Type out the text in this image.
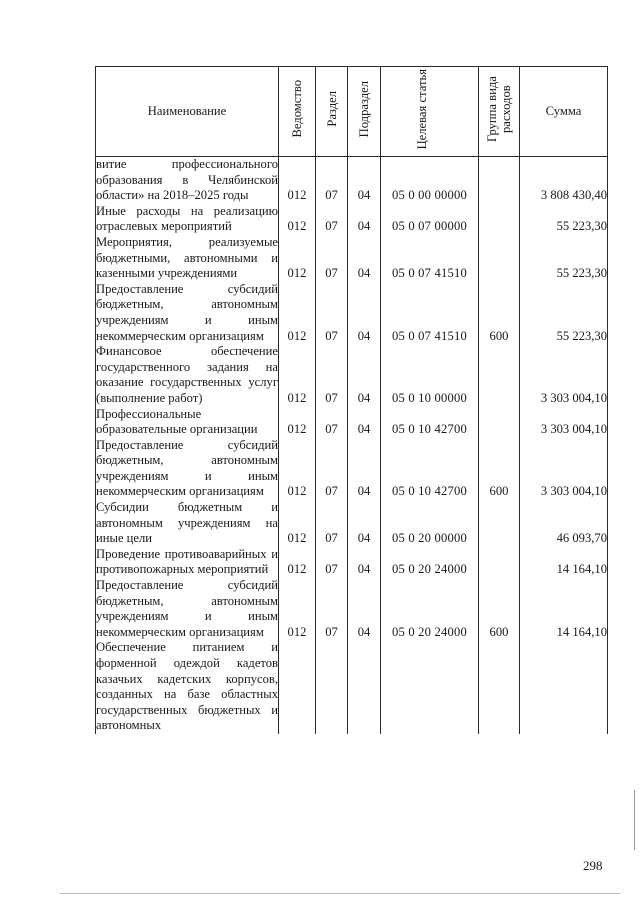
Наименование	Ведомство	Раздел	Подраздел	Целевая статья	Группа вида расходов	Сумма
витие профессионального образования в Челябинской области» на 2018–2025 годы	012	07	04	05 0 00 00000		3 808 430,40
Иные расходы на реализацию отраслевых мероприятий	012	07	04	05 0 07 00000		55 223,30
Мероприятия, реализуемые бюджетными, автономными и казенными учреждениями	012	07	04	05 0 07 41510		55 223,30
Предоставление субсидий бюджетным, автономным учреждениям и иным некоммерческим организациям	012	07	04	05 0 07 41510	600	55 223,30
Финансовое обеспечение государственного задания на оказание государственных услуг (выполнение работ)	012	07	04	05 0 10 00000		3 303 004,10
Профессиональные образовательные организации	012	07	04	05 0 10 42700		3 303 004,10
Предоставление субсидий бюджетным, автономным учреждениям и иным некоммерческим организациям	012	07	04	05 0 10 42700	600	3 303 004,10
Субсидии бюджетным и автономным учреждениям на иные цели	012	07	04	05 0 20 00000		46 093,70
Проведение противоаварийных и противопожарных мероприятий	012	07	04	05 0 20 24000		14 164,10
Предоставление субсидий бюджетным, автономным учреждениям и иным некоммерческим организациям	012	07	04	05 0 20 24000	600	14 164,10
Обеспечение питанием и форменной одеждой кадетов казачьих кадетских корпусов, созданных на базе областных государственных бюджетных и автономных						
298
